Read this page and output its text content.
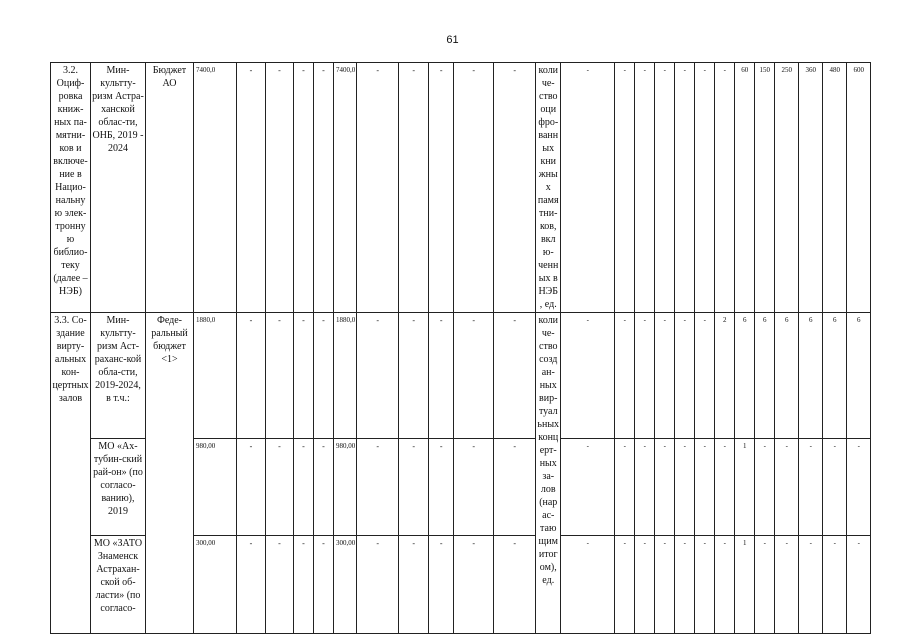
61
3.2. Оциф-ровка книж-ных па-мятни-ков и включе-ние в Нацио-нальную элек-тронную библио-теку (далее – НЭБ)	Мин-культту-ризм Астра-ханской облас-ти, ОНБ, 2019 - 2024	Бюджет АО	7400,0	-	-	-	-	7400,0	-	-	-	-	-	количе-ство оцифро-ванных книжных памятни-ков, вклю-ченных в НЭБ, ед.	-	-	-	-	-	-	-	60	150	250	360	480	600
3.3. Со-здание вирту-альных кон-цертных залов	Мин-культту-ризм Аст-раханс-кой обла-сти, 2019-2024, в т.ч.:	Феде-ральный бюджет <1>	1880,0	-	-	-	-	1880,0	-	-	-	-	-	количе-ство создан-ных вир-туальных концерт-ных за-лов (нарас-тающим итогом), ед.	-	-	-	-	-	-	2	6	6	6	6	6	6
	МО «Ах-тубин-ский рай-он» (по согласо-ванию), 2019		980,00	-	-	-	-	980,00	-	-	-	-	-		-	-	-	-	-	-	-	1	-	-	-	-	-
	МО «ЗАТО Знаменск Астрахан-ской об-ласти» (по согласо-		300,00	-	-	-	-	300,00	-	-	-	-	-		-	-	-	-	-	-	-	1	-	-	-	-	-
